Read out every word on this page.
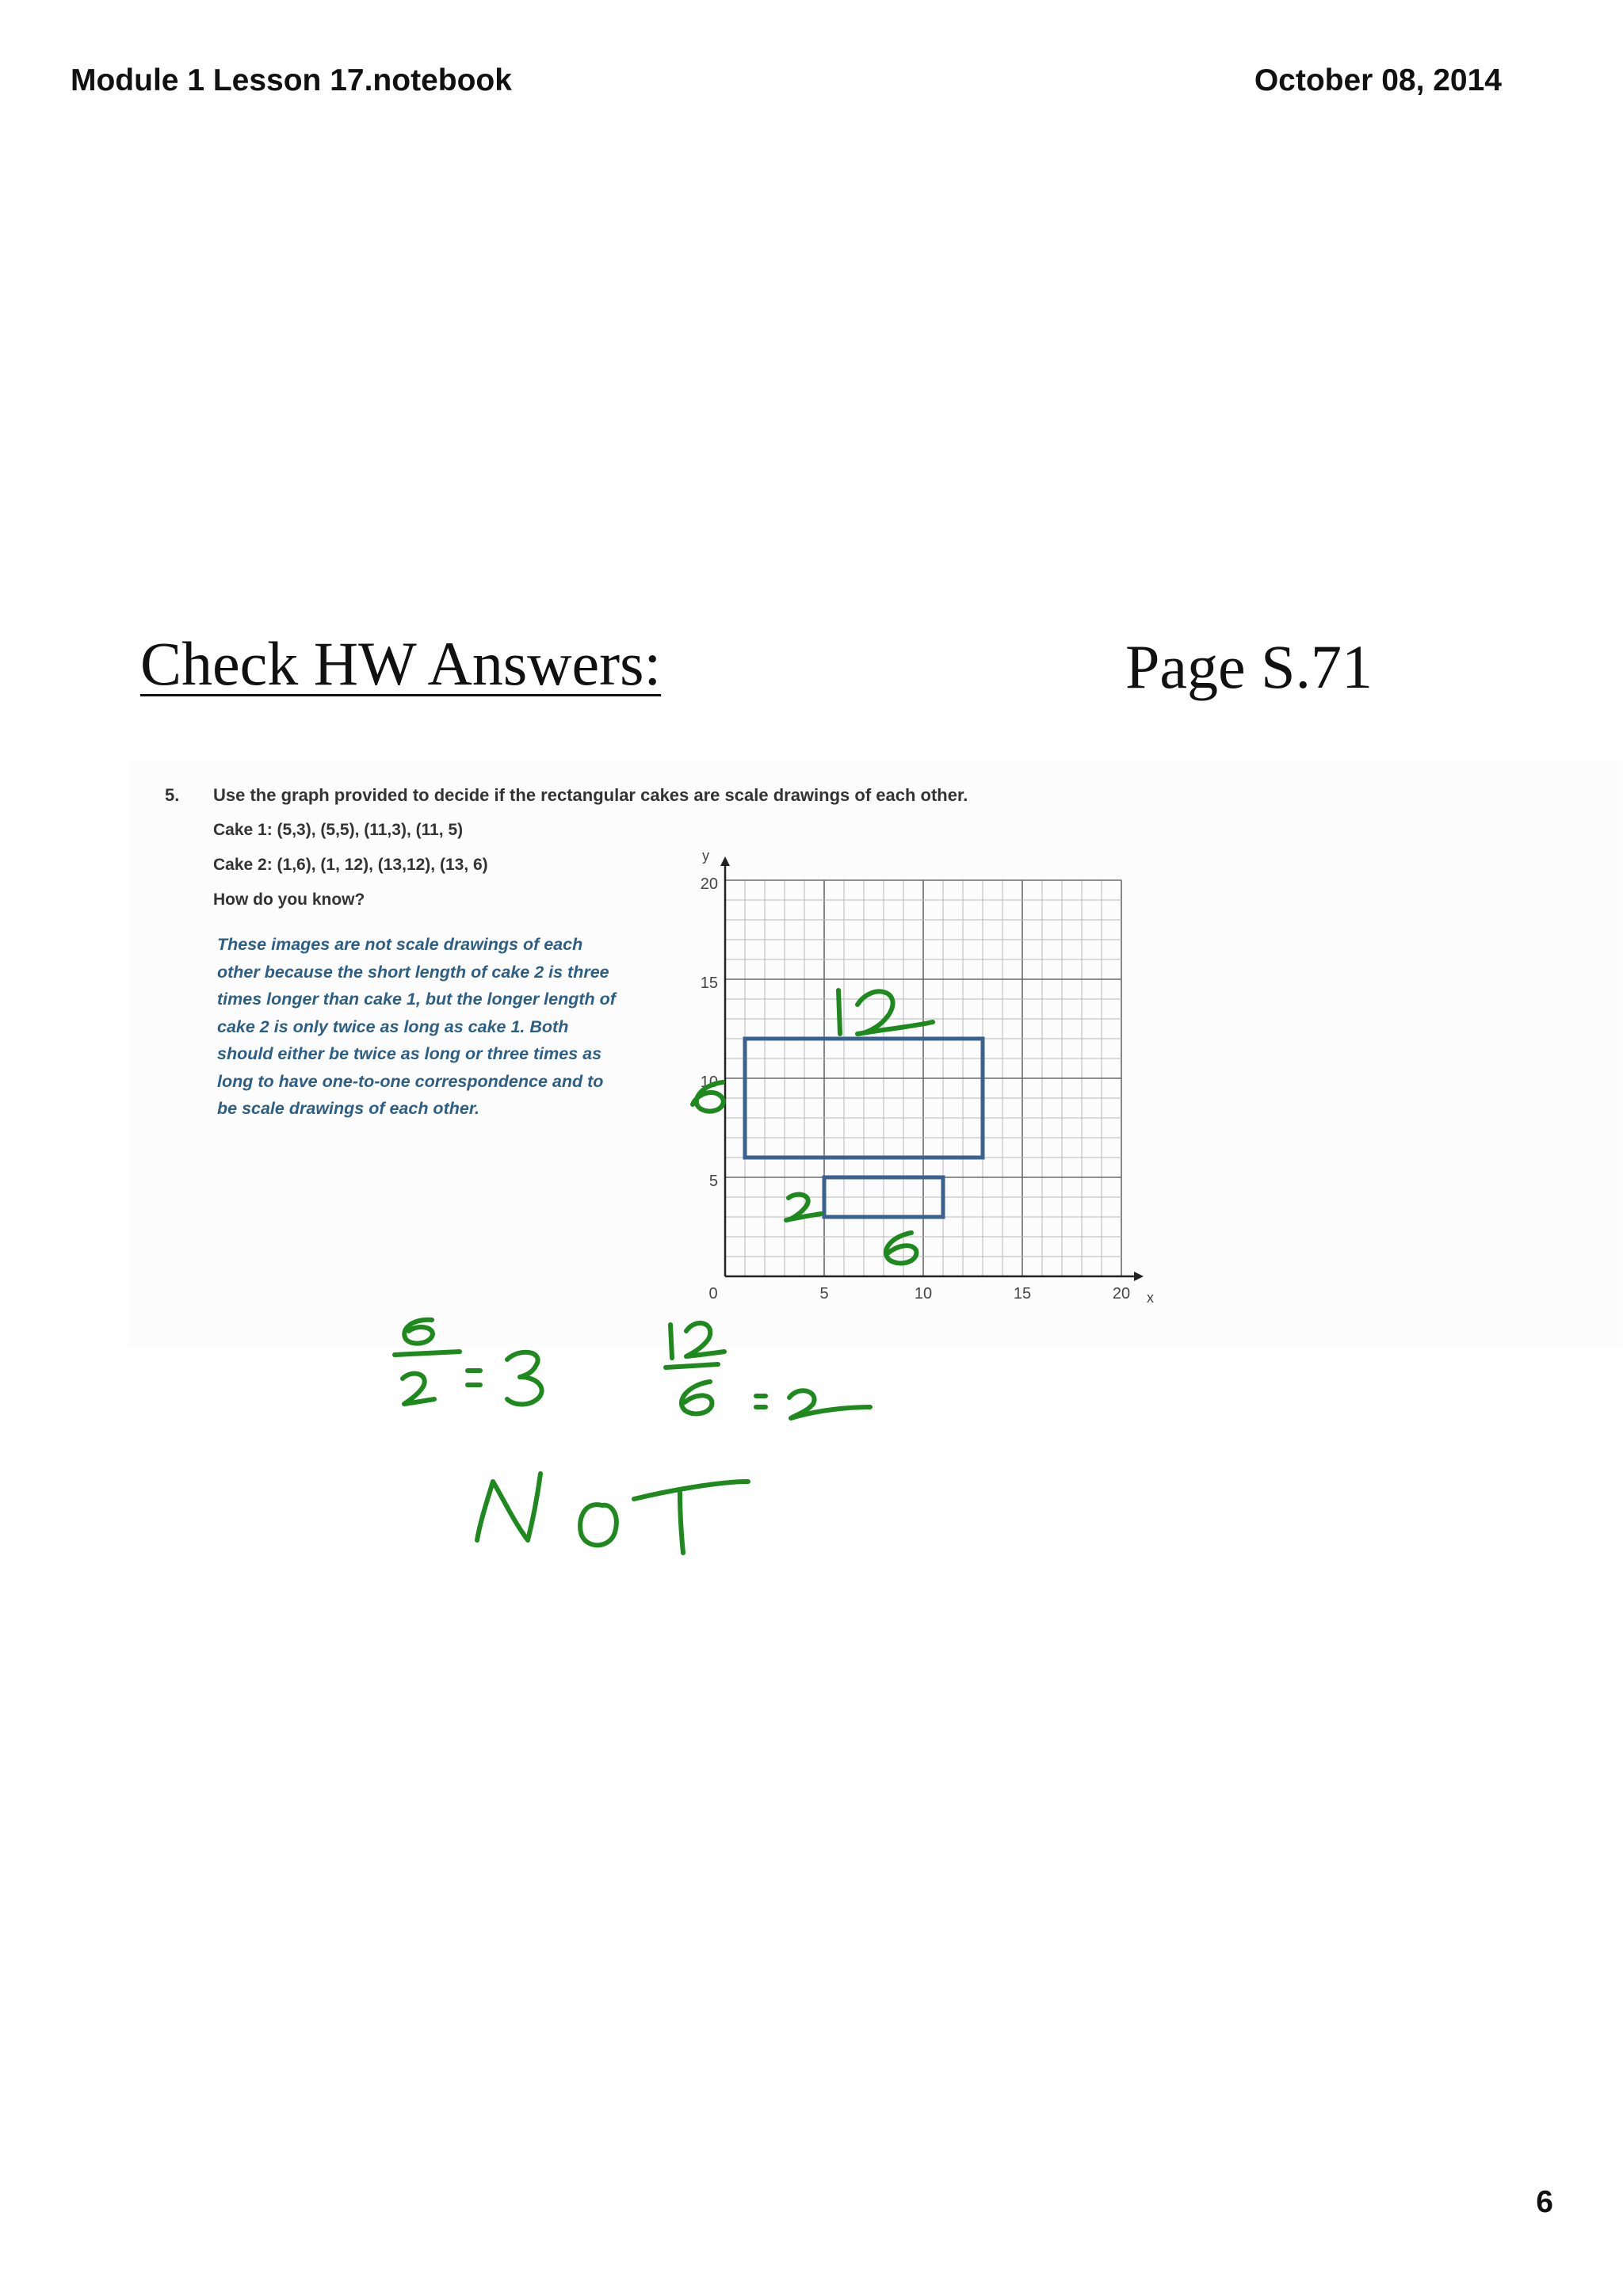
Module 1 Lesson 17.notebook	October 08, 2014
Check HW Answers:	Page S.71
5. Use the graph provided to decide if the rectangular cakes are scale drawings of each other.
Cake 1: (5,3), (5,5), (11,3), (11, 5)
Cake 2: (1,6), (1, 12), (13,12), (13, 6)
How do you know?
These images are not scale drawings of each
other because the short length of cake 2 is three
times longer than cake 1, but the longer length of
cake 2 is only twice as long as cake 1. Both
should either be twice as long or three times as
long to have one-to-one correspondence and to
be scale drawings of each other.
0	5	10	15	20
5
10
15
20
x
y
6
